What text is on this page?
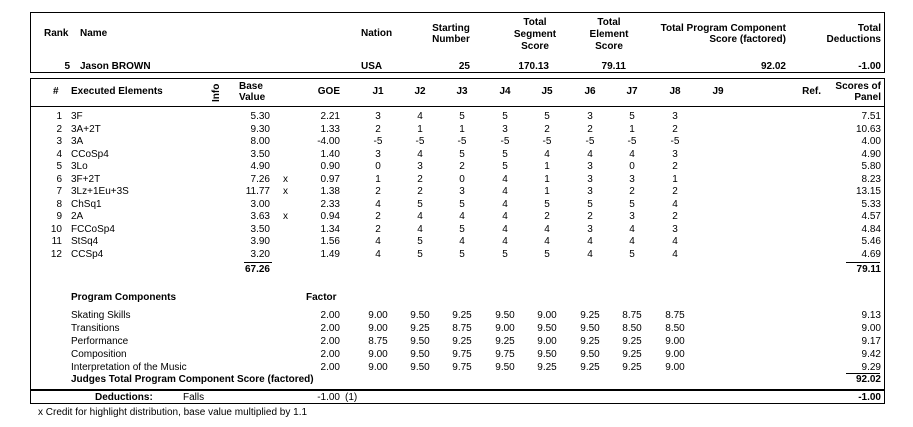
Rank Name	Nation	Starting
Number
Total
Segment
Score
Total
Element
Score
Total Program Component
Score (factored)
Total
Deductions
5 Jason BROWN	USA	25	170.13	79.11	92.02	-1.00
# Executed Elements	Info Base
Value
GOE	J1	J2	J3	J4	J5	J6	J7	J8	J9	Ref.	Scores of
Panel
1 3F	5.30	2.21	3	4	5	5	5	3	5	3	7.51
2 3A+2T	9.30	1.33	2	1	1	3	2	2	1	2	10.63
3 3A	8.00	-4.00	-5	-5	-5	-5	-5	-5	-5	-5	4.00
4 CCoSp4	3.50	1.40	3	4	5	5	4	4	4	3	4.90
5 3Lo	4.90	0.90	0	3	2	5	1	3	0	2	5.80
6 3F+2T	7.26 x	0.97	1	2	0	4	1	3	3	1	8.23
7 3Lz+1Eu+3S	11.77 x	1.38	2	2	3	4	1	3	2	2	13.15
8 ChSq1	3.00	2.33	4	5	5	4	5	5	5	4	5.33
9 2A	3.63 x	0.94	2	4	4	4	2	2	3	2	4.57
10 FCCoSp4	3.50	1.34	2	4	5	4	4	3	4	3	4.84
11 StSq4	3.90	1.56	4	5	4	4	4	4	4	4	5.46
12 CCSp4	3.20	1.49	4	5	5	5	5	4	5	4	4.69
67.26	79.11
Program Components	Factor
Skating Skills	2.00	9.00	9.50	9.25	9.50	9.00	9.25	8.75	8.75	9.13
Transitions	2.00	9.00	9.25	8.75	9.00	9.50	9.50	8.50	8.50	9.00
Performance	2.00	8.75	9.50	9.25	9.25	9.00	9.25	9.25	9.00	9.17
Composition	2.00	9.00	9.50	9.75	9.75	9.50	9.50	9.25	9.00	9.42
Interpretation of the Music	2.00	9.00	9.50	9.75	9.50	9.25	9.25	9.25	9.00	9.29
Judges Total Program Component Score (factored)	92.02
Deductions:	Falls	-1.00 (1)	-1.00
x Credit for highlight distribution, base value multiplied by 1.1
